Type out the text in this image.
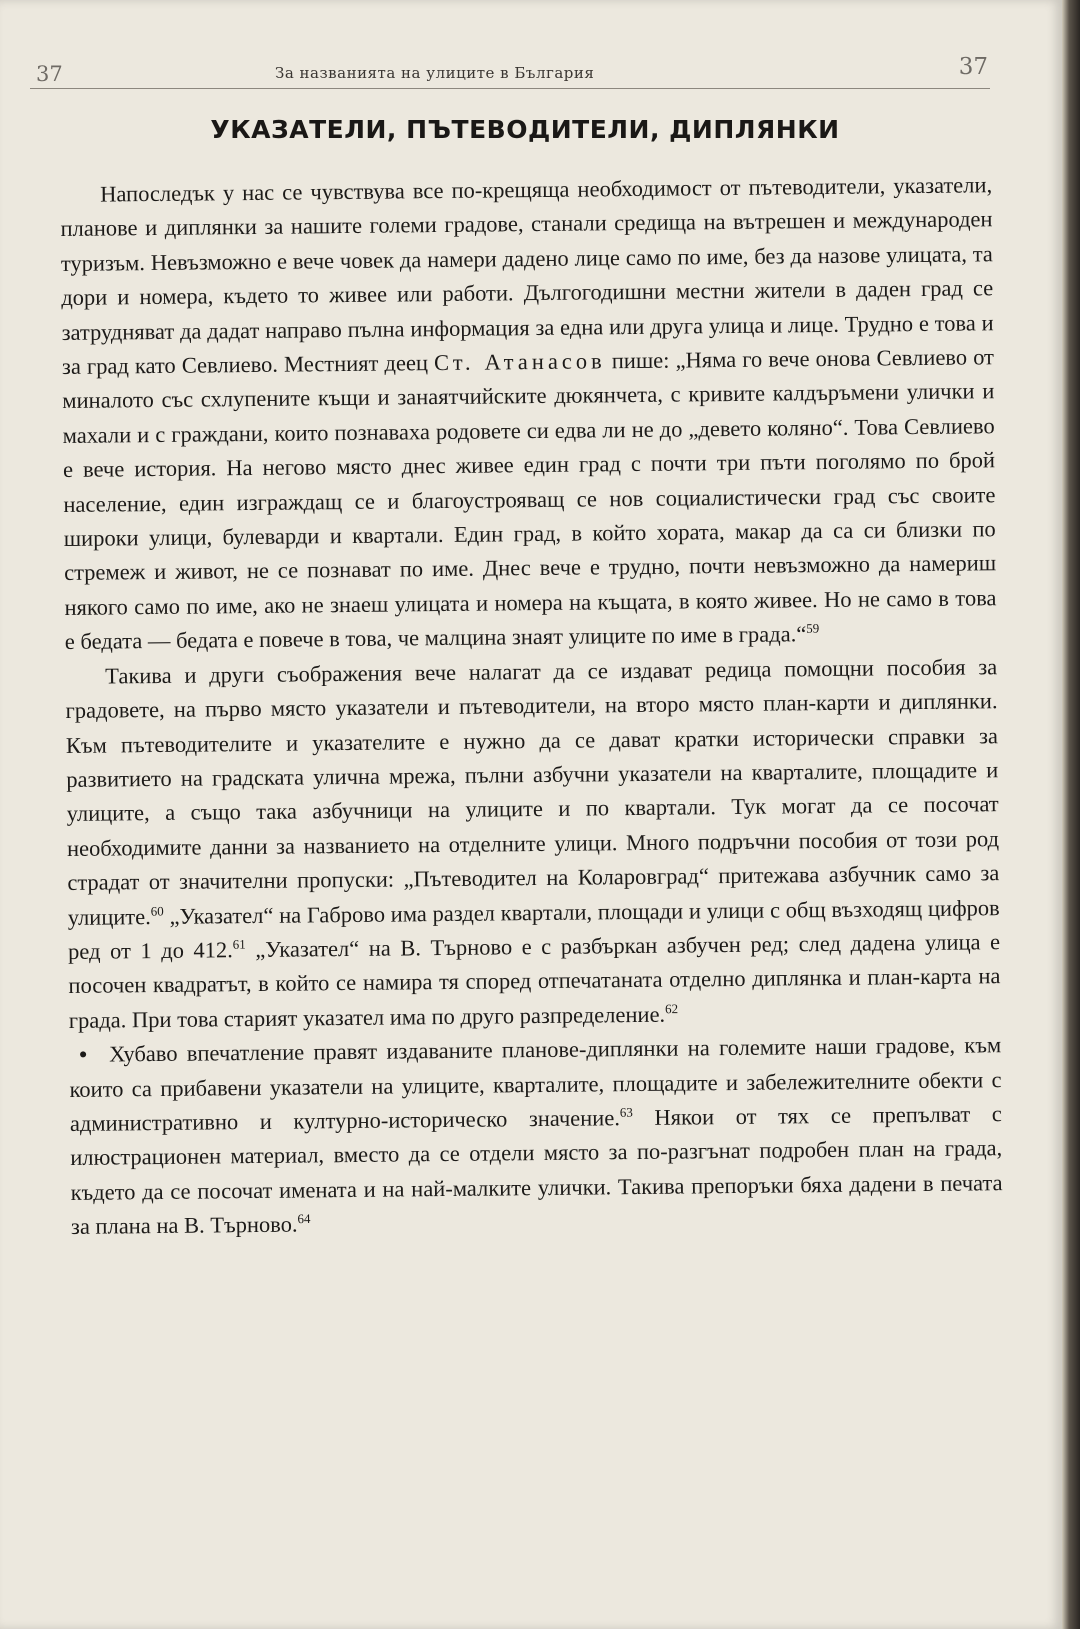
37	За названията на улиците в България	37
УКАЗАТЕЛИ, ПЪТЕВОДИТЕЛИ, ДИПЛЯНКИ

Напоследък у нас се чувствува все по-крещяща необходимост от пътеводители, указатели, планове и диплянки за нашите големи градове, станали средища на вътрешен и международен туризъм. Невъзможно е вече човек да намери дадено лице само по име, без да назове улицата, та дори и номера, където то живее или работи. Дългогодишни местни жители в даден град се затрудняват да дадат направо пълна информация за една или друга улица и лице. Трудно е това и за град като Севлиево. Местният деец Ст. Атанасов пише: „Няма го вече онова Севлиево от миналото със схлупените къщи и занаятчийските дюкянчета, с кривите калдъръмени улички и махали и с граждани, които познаваха родовете си едва ли не до „девето коляно“. Това Севлиево е вече история. На негово място днес живее един град с почти три пъти поголямо по брой население, един изграждащ се и благоустрояващ се нов социалистически град със своите широки улици, булеварди и квартали. Един град, в който хората, макар да са си близки по стремеж и живот, не се познават по име. Днес вече е трудно, почти невъзможно да намериш някого само по име, ако не знаеш улицата и номера на къщата, в която живее. Но не само в това е бедата — бедата е повече в това, че малцина знаят улиците по име в града.“$^{59}$

Такива и други съображения вече налагат да се издават редица помощни пособия за градовете, на първо място указатели и пътеводители, на второ място план-карти и диплянки. Към пътеводителите и указателите е нужно да се дават кратки исторически справки за развитието на градската улична мрежа, пълни азбучни указатели на кварталите, площадите и улиците, а също така азбучници на улиците и по квартали. Тук могат да се посочат необходимите данни за названието на отделните улици. Много подръчни пособия от този род страдат от значителни пропуски: „Пътеводител на Коларовград“ притежава азбучник само за улиците.$^{60}$ „Указател“ на Габрово има раздел квартали, площади и улици с общ възходящ цифров ред от 1 до 412.61 „Указател“ на В. Търново е с разбъркан азбучен ред; след дадена улица е посочен квадратът, в който се намира тя според отпечатаната отделно диплянка и план-карта на града. При това старият указател има по друго разпределение.$^{62}$

• Хубаво впечатление правят издаваните планове-диплянки на големите наши градове, към които са прибавени указатели на улиците, кварталите, площадите и забележителните обекти с административно и културно-историческо значение.$^{63}$ Някои от тях се препълват с илюстрационен материал, вместо да се отдели място за по-разгънат подробен план на града, където да се посочат имената и на най-малките улички. Такива препоръки бяха дадени в печата за плана на В. Търново.$^{64}$
